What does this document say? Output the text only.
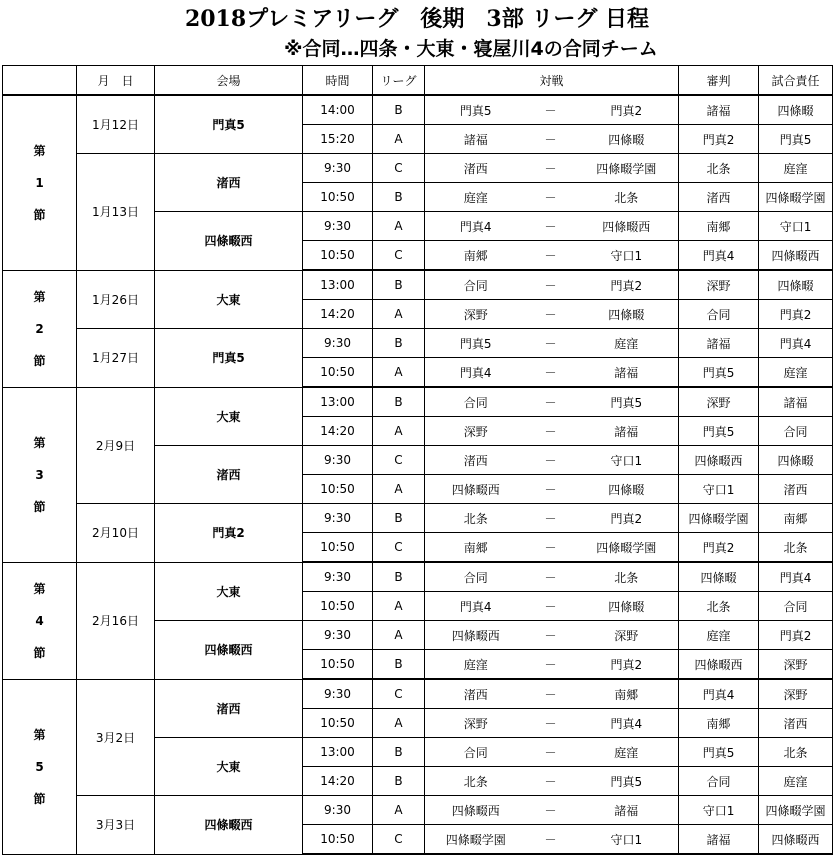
2018プレミアリーグ　後期　3部 リーグ 日程
※合同…四条・大東・寝屋川4の合同チーム
	月　日	会場	時間	リーグ	対戦			審判	試合責任

第
1
節	1月12日	門真5	14:00	B	門真5	－	門真2	諸福	四條畷
			15:20	A	諸福	－	四條畷	門真2	門真5
	1月13日	渚西	9:30	C	渚西	－	四條畷学園	北条	庭窪
			10:50	B	庭窪	－	北条	渚西	四條畷学園
		四條畷西	9:30	A	門真4	－	四條畷西	南郷	守口1
			10:50	C	南郷	－	守口1	門真4	四條畷西

第
2
節	1月26日	大東	13:00	B	合同	－	門真2	深野	四條畷
			14:20	A	深野	－	四條畷	合同	門真2
	1月27日	門真5	9:30	B	門真5	－	庭窪	諸福	門真4
			10:50	A	門真4	－	諸福	門真5	庭窪

第
3
節	2月9日	大東	13:00	B	合同	－	門真5	深野	諸福
			14:20	A	深野	－	諸福	門真5	合同
		渚西	9:30	C	渚西	－	守口1	四條畷西	四條畷
			10:50	A	四條畷西	－	四條畷	守口1	渚西
	2月10日	門真2	9:30	B	北条	－	門真2	四條畷学園	南郷
			10:50	C	南郷	－	四條畷学園	門真2	北条

第
4
節	2月16日	大東	9:30	B	合同	－	北条	四條畷	門真4
			10:50	A	門真4	－	四條畷	北条	合同
		四條畷西	9:30	A	四條畷西	－	深野	庭窪	門真2
			10:50	B	庭窪	－	門真2	四條畷西	深野

第
5
節	3月2日	渚西	9:30	C	渚西	－	南郷	門真4	深野
			10:50	A	深野	－	門真4	南郷	渚西
		大東	13:00	B	合同	－	庭窪	門真5	北条
			14:20	B	北条	－	門真5	合同	庭窪
	3月3日	四條畷西	9:30	A	四條畷西	－	諸福	守口1	四條畷学園
			10:50	C	四條畷学園	－	守口1	諸福	四條畷西
